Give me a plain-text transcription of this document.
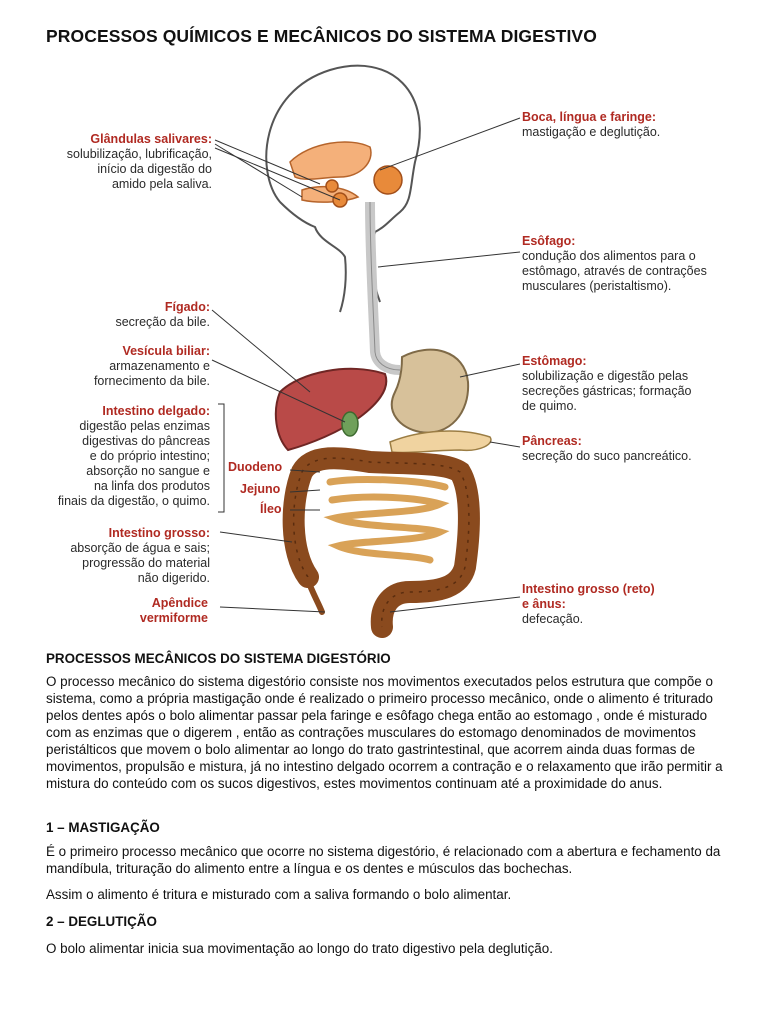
PROCESSOS QUÍMICOS E MECÂNICOS DO SISTEMA DIGESTIVO
Glândulas salivares:
solubilização, lubrificação,
início da digestão do
amido pela saliva.
Boca, língua e faringe:
mastigação e deglutição.
Esôfago:
condução dos alimentos para o
estômago, através de contrações
musculares (peristaltismo).
Fígado:
secreção da bile.
Vesícula biliar:
armazenamento e
fornecimento da bile.
Estômago:
solubilização e digestão pelas
secreções gástricas; formação
de quimo.
Intestino delgado:
digestão pelas enzimas
digestivas do pâncreas
e do próprio intestino;
absorção no sangue e
na linfa dos produtos
finais da digestão, o quimo.
Pâncreas:
secreção do suco pancreático.
Duodeno
Jejuno
Íleo
Intestino grosso:
absorção de água e sais;
progressão do material
não digerido.
Apêndice
vermiforme
Intestino grosso (reto)
e ânus:
defecação.
PROCESSOS MECÂNICOS DO SISTEMA DIGESTÓRIO

O processo mecânico do sistema digestório consiste nos movimentos executados pelos estrutura que compõe o sistema, como a própria mastigação onde é realizado o primeiro processo mecânico, onde o alimento é triturado pelos dentes após o bolo alimentar passar pela faringe e esôfago chega então ao estomago , onde é misturado com as enzimas que o digerem , então as contrações musculares do estomago denominados de movimentos peristálticos que movem o bolo alimentar ao longo do trato gastrintestinal, que acorrem ainda duas formas de movimentos, propulsão e mistura, já no intestino delgado ocorrem a contração e o relaxamento que irão permitir a mistura do conteúdo com os sucos digestivos, estes movimentos continuam até a proximidade do anus.

1 – MASTIGAÇÃO

É o primeiro processo mecânico que ocorre no sistema digestório, é relacionado com a abertura e fechamento da mandíbula, trituração do alimento entre a língua e os dentes e músculos das bochechas.

Assim o alimento é tritura e misturado com a saliva formando o bolo alimentar.

2 – DEGLUTIÇÃO

O bolo alimentar inicia sua movimentação ao longo do trato digestivo pela deglutição.
